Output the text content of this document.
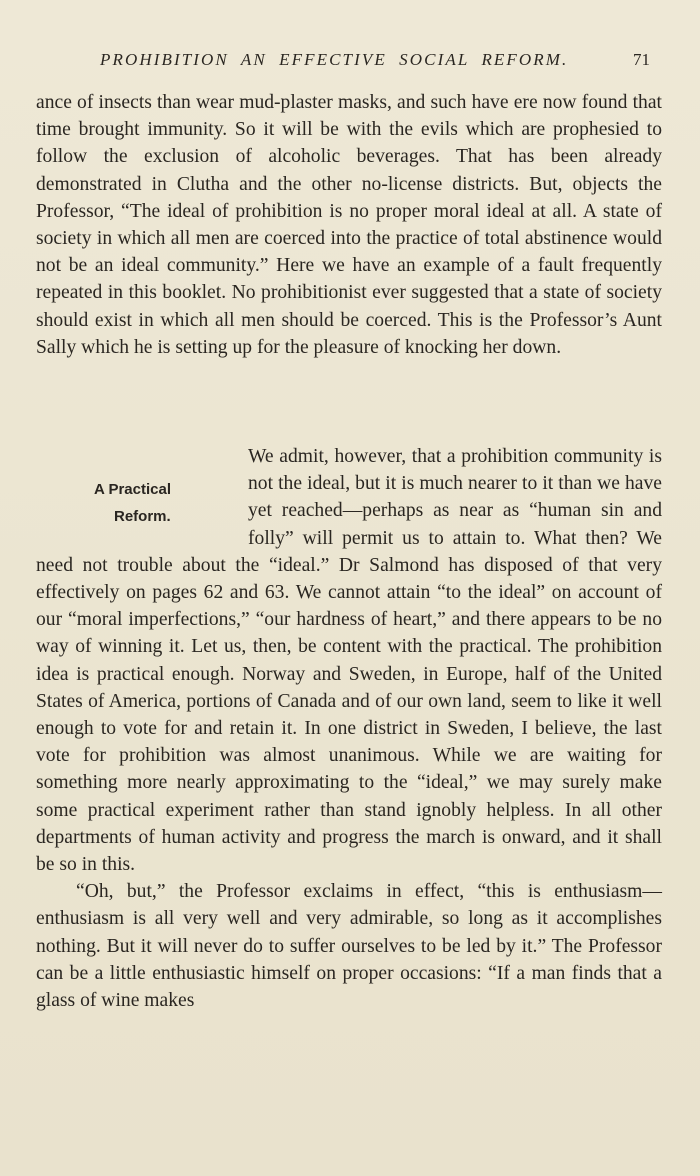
PROHIBITION AN EFFECTIVE SOCIAL REFORM.	71

ance of insects than wear mud-plaster masks, and such have ere now found that time brought immunity. So it will be with the evils which are prophesied to follow the exclusion of alcoholic beverages. That has been already demonstrated in Clutha and the other no-license districts. But, objects the Professor, “The ideal of prohibition is no proper moral ideal at all. A state of society in which all men are coerced into the practice of total abstinence would not be an ideal community.” Here we have an example of a fault frequently repeated in this booklet. No prohibitionist ever suggested that a state of society should exist in which all men should be coerced. This is the Professor’s Aunt Sally which he is setting up for the pleasure of knocking her down.

A Practical
Reform.

We admit, however, that a prohibition community is not the ideal, but it is much nearer to it than we have yet reached—perhaps as near as “human sin and folly” will permit us to attain to. What then? We need not trouble about the “ideal.” Dr Salmond has disposed of that very effectively on pages 62 and 63. We cannot attain “to the ideal” on account of our “moral imperfections,” “our hardness of heart,” and there appears to be no way of winning it. Let us, then, be content with the practical. The prohibition idea is practical enough. Norway and Sweden, in Europe, half of the United States of America, portions of Canada and of our own land, seem to like it well enough to vote for and retain it. In one district in Sweden, I believe, the last vote for prohibition was almost unanimous. While we are waiting for something more nearly approximating to the “ideal,” we may surely make some practical experiment rather than stand ignobly helpless. In all other departments of human activity and progress the march is onward, and it shall be so in this.

“Oh, but,” the Professor exclaims in effect, “this is enthusiasm—enthusiasm is all very well and very admirable, so long as it accomplishes nothing. But it will never do to suffer ourselves to be led by it.” The Professor can be a little enthusiastic himself on proper occasions: “If a man finds that a glass of wine makes
